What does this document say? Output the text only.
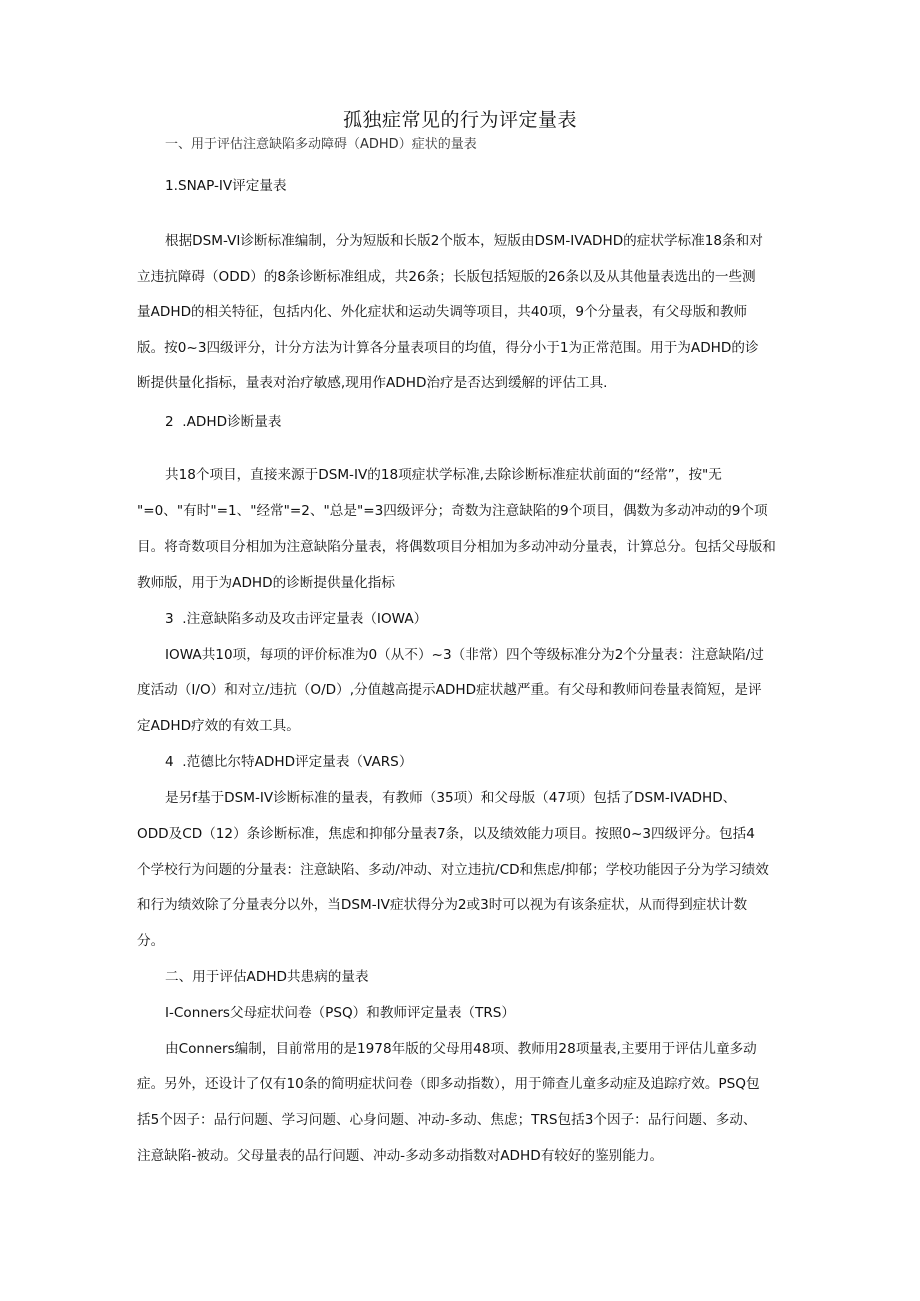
孤独症常见的行为评定量表
一、用于评估注意缺陷多动障碍（ADHD）症状的量表
1.SNAP-IV评定量表
根据DSM-VI诊断标准编制，分为短版和长版2个版本，短版由DSM-IVADHD的症状学标准18条和对
立违抗障碍（ODD）的8条诊断标准组成，共26条；长版包括短版的26条以及从其他量表选出的一些测
量ADHD的相关特征，包括内化、外化症状和运动失调等项目，共40项，9个分量表，有父母版和教师
版。按0~3四级评分，计分方法为计算各分量表项目的均值，得分小于1为正常范围。用于为ADHD的诊
断提供量化指标，量表对治疗敏感,现用作ADHD治疗是否达到缓解的评估工具.
2	.ADHD诊断量表
共18个项目，直接来源于DSM-IV的18项症状学标准,去除诊断标准症状前面的“经常”，按"无
"=0、"有时"=1、"经常"=2、"总是"=3四级评分；奇数为注意缺陷的9个项目，偶数为多动冲动的9个项
目。将奇数项目分相加为注意缺陷分量表，将偶数项目分相加为多动冲动分量表，计算总分。包括父母版和
教师版，用于为ADHD的诊断提供量化指标
3	.注意缺陷多动及攻击评定量表（IOWA）
IOWA共10项，每项的评价标准为0（从不）~3（非常）四个等级标准分为2个分量表：注意缺陷/过
度活动（I/O）和对立/违抗（O/D）,分值越高提示ADHD症状越严重。有父母和教师问卷量表简短，是评
定ADHD疗效的有效工具。
4	.范德比尔特ADHD评定量表（VARS）
是另f基于DSM-IV诊断标准的量表，有教师（35项）和父母版（47项）包括了DSM-IVADHD、
ODD及CD（12）条诊断标准，焦虑和抑郁分量表7条，以及绩效能力项目。按照0~3四级评分。包括4
个学校行为问题的分量表：注意缺陷、多动/冲动、对立违抗/CD和焦虑/抑郁；学校功能因子分为学习绩效
和行为绩效除了分量表分以外，当DSM-IV症状得分为2或3时可以视为有该条症状，从而得到症状计数
分。
二、用于评估ADHD共患病的量表
I-Conners父母症状问卷（PSQ）和教师评定量表（TRS）
由Conners编制，目前常用的是1978年版的父母用48项、教师用28项量表,主要用于评估儿童多动
症。另外，还设计了仅有10条的简明症状问卷（即多动指数），用于筛查儿童多动症及追踪疗效。PSQ包
括5个因子：品行问题、学习问题、心身问题、冲动-多动、焦虑；TRS包括3个因子：品行问题、多动、
注意缺陷-被动。父母量表的品行问题、冲动-多动多动指数对ADHD有较好的鉴别能力。
